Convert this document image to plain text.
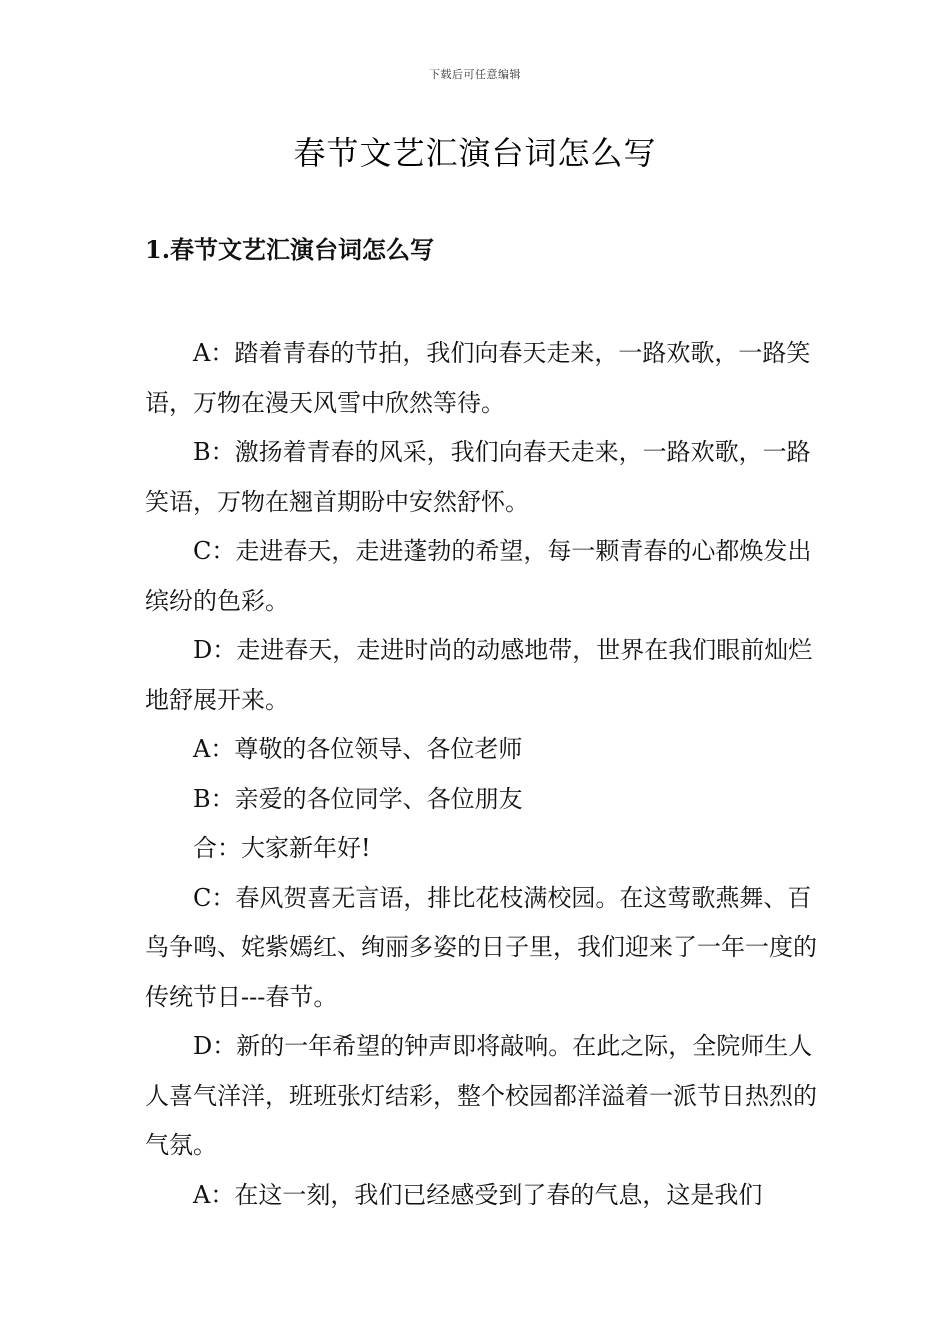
下载后可任意编辑
春节文艺汇演台词怎么写
1.春节文艺汇演台词怎么写

A：踏着青春的节拍，我们向春天走来，一路欢歌，一路笑语，万物在漫天风雪中欣然等待。

B：激扬着青春的风采，我们向春天走来，一路欢歌，一路笑语，万物在翘首期盼中安然舒怀。

C：走进春天，走进蓬勃的希望，每一颗青春的心都焕发出缤纷的色彩。

D：走进春天，走进时尚的动感地带，世界在我们眼前灿烂地舒展开来。

A：尊敬的各位领导、各位老师

B：亲爱的各位同学、各位朋友

合：大家新年好!

C：春风贺喜无言语，排比花枝满校园。在这莺歌燕舞、百鸟争鸣、姹紫嫣红、绚丽多姿的日子里，我们迎来了一年一度的传统节日---春节。

D：新的一年希望的钟声即将敲响。在此之际，全院师生人人喜气洋洋，班班张灯结彩，整个校园都洋溢着一派节日热烈的气氛。

A：在这一刻，我们已经感受到了春的气息，这是我们
